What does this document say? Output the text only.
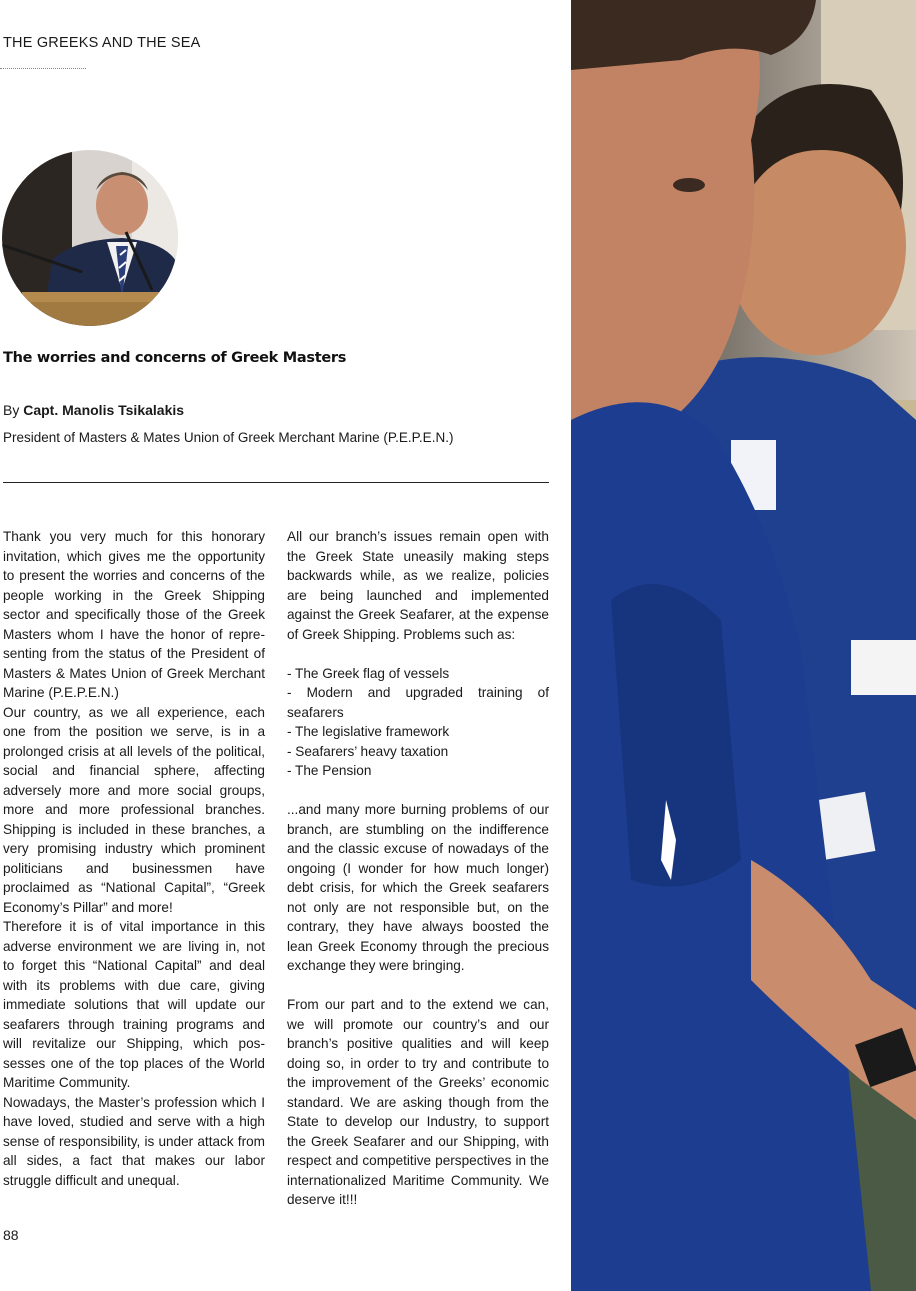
THE GREEKS AND THE SEA
The worries and concerns of Greek Masters
By Capt. Manolis Tsikalakis
President of Masters & Mates Union of Greek Merchant Marine (P.E.P.E.N.)

Thank you very much for this honorary invitation, which gives me the opportunity to present the worries and concerns of the people working in the Greek Shipping sector and specifically those of the Greek Masters whom I have the honor of representing from the status of the President of Masters & Mates Union of Greek Merchant Marine (P.E.P.E.N.)

Our country, as we all experience, each one from the position we serve, is in a prolonged crisis at all levels of the political, social and financial sphere, affecting adversely more and more social groups, more and more professional branches. Shipping is included in these branches, a very promising industry which prominent politicians and businessmen have proclaimed as “National Capital”, “Greek Economy’s Pillar” and more!

Therefore it is of vital importance in this adverse environment we are living in, not to forget this “National Capital” and deal with its problems with due care, giving immediate solutions that will update our seafarers through training programs and will revitalize our Shipping, which possesses one of the top places of the World Maritime Community.

Nowadays, the Master’s profession which I have loved, studied and serve with a high sense of responsibility, is under attack from all sides, a fact that makes our labor struggle difficult and unequal.

All our branch’s issues remain open with the Greek State uneasily making steps backwards while, as we realize, policies are being launched and implemented against the Greek Seafarer, at the expense of Greek Shipping. Problems such as:

- The Greek flag of vessels

- Modern and upgraded training of seafarers

- The legislative framework

- Seafarers’ heavy taxation

- The Pension

...and many more burning problems of our branch, are stumbling on the indifference and the classic excuse of nowadays of the ongoing (I wonder for how much longer) debt crisis, for which the Greek seafarers not only are not responsible but, on the contrary, they have always boosted the lean Greek Economy through the precious exchange they were bringing.

From our part and to the extend we can, we will promote our country’s and our branch’s positive qualities and will keep doing so, in order to try and contribute to the improvement of the Greeks’ economic standard. We are asking though from the State to develop our Industry, to support the Greek Seafarer and our Shipping, with respect and competitive perspectives in the internationalized Maritime Community. We deserve it!!!

88
